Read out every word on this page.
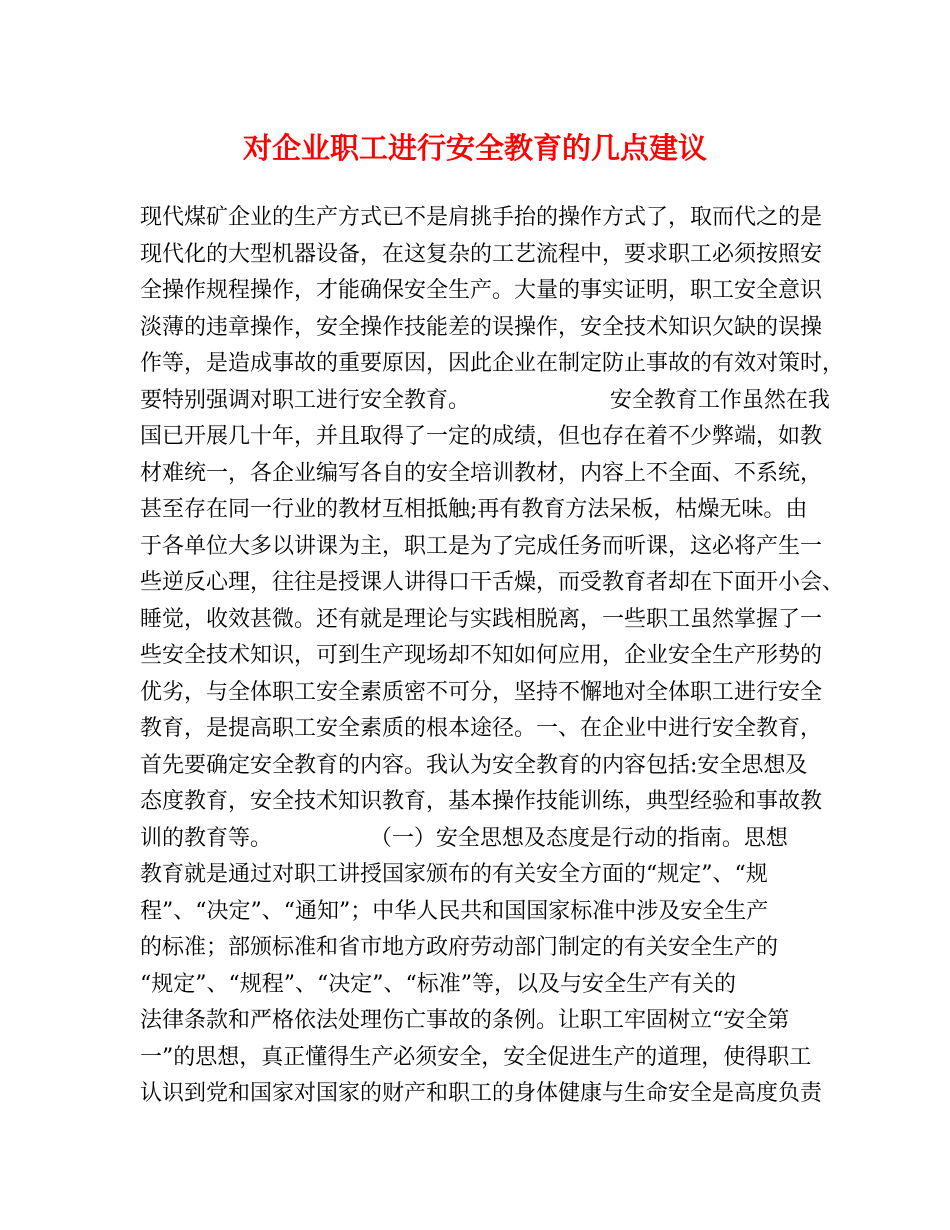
对企业职工进行安全教育的几点建议
现代煤矿企业的生产方式已不是肩挑手抬的操作方式了，取而代之的是
现代化的大型机器设备，在这复杂的工艺流程中，要求职工必须按照安
全操作规程操作，才能确保安全生产。大量的事实证明，职工安全意识
淡薄的违章操作，安全操作技能差的误操作，安全技术知识欠缺的误操
作等，是造成事故的重要原因，因此企业在制定防止事故的有效对策时，
要特别强调对职工进行安全教育。                    安全教育工作虽然在我
国已开展几十年，并且取得了一定的成绩，但也存在着不少弊端，如教
材难统一，各企业编写各自的安全培训教材，内容上不全面、不系统，
甚至存在同一行业的教材互相抵触;再有教育方法呆板，枯燥无味。由
于各单位大多以讲课为主，职工是为了完成任务而听课，这必将产生一
些逆反心理，往往是授课人讲得口干舌燥，而受教育者却在下面开小会、
睡觉，收效甚微。还有就是理论与实践相脱离，一些职工虽然掌握了一
些安全技术知识，可到生产现场却不知如何应用，企业安全生产形势的
优劣，与全体职工安全素质密不可分，坚持不懈地对全体职工进行安全
教育，是提高职工安全素质的根本途径。一、在企业中进行安全教育，
首先要确定安全教育的内容。我认为安全教育的内容包括:安全思想及
态度教育，安全技术知识教育，基本操作技能训练，典型经验和事故教
训的教育等。              （一）安全思想及态度是行动的指南。思想
教育就是通过对职工讲授国家颁布的有关安全方面的“规定”、“规
程”、“决定”、“通知”；中华人民共和国国家标准中涉及安全生产
的标准；部颁标准和省市地方政府劳动部门制定的有关安全生产的
“规定”、“规程”、“决定”、“标准”等，以及与安全生产有关的
法律条款和严格依法处理伤亡事故的条例。让职工牢固树立“安全第
一”的思想，真正懂得生产必须安全，安全促进生产的道理，使得职工
认识到党和国家对国家的财产和职工的身体健康与生命安全是高度负责
